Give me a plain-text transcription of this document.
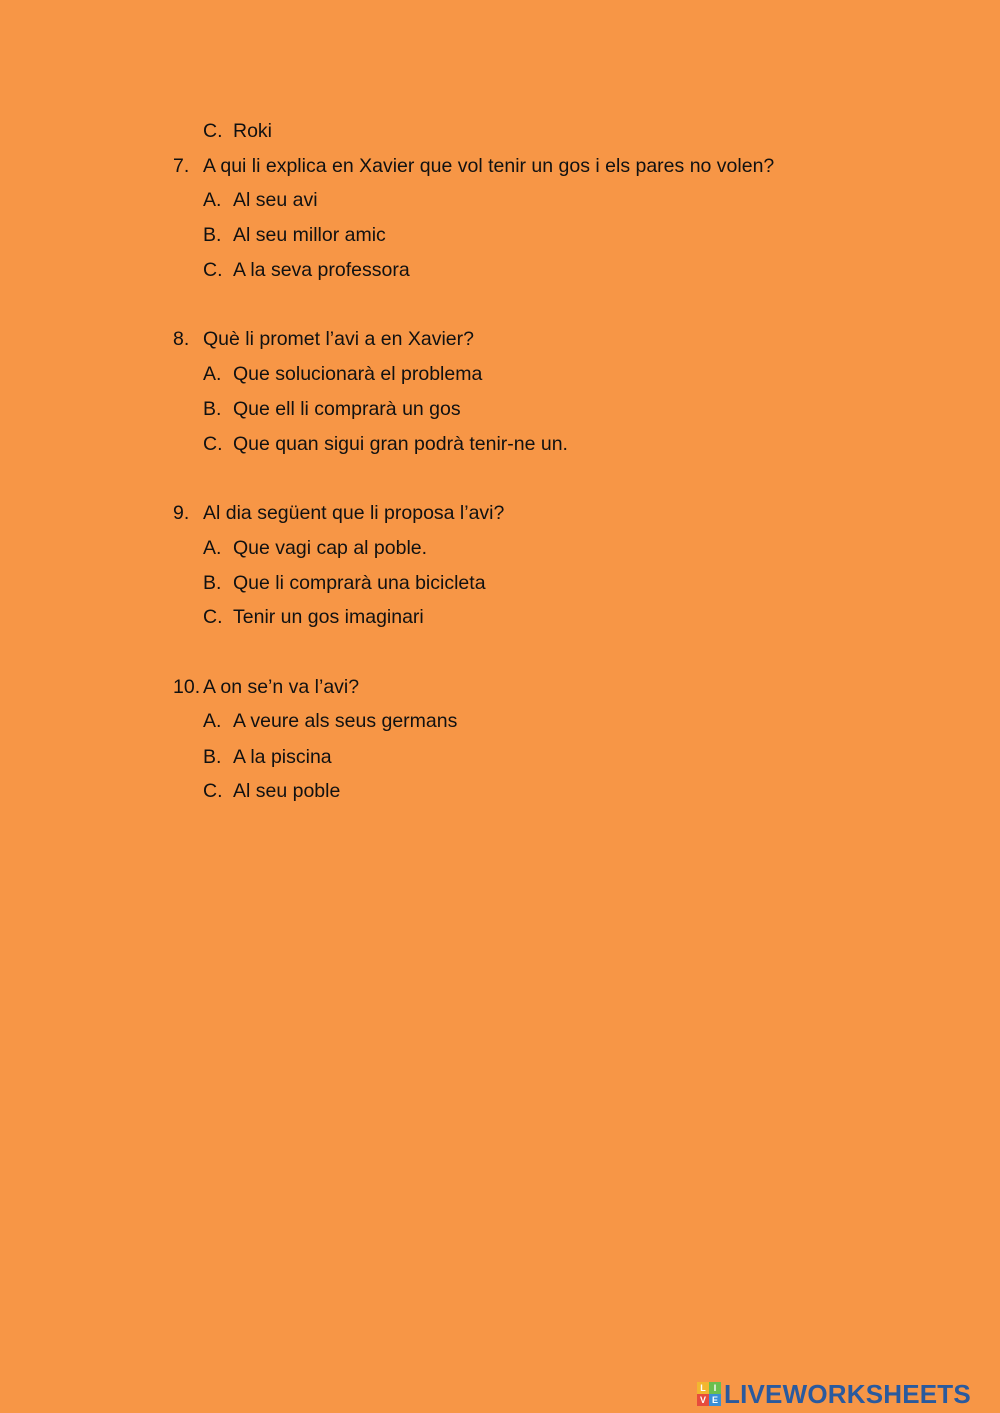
C. Roki
7. A qui li explica en Xavier que vol tenir un gos i els pares no volen?
A. Al seu avi
B. Al seu millor amic
C. A la seva professora
8. Què li promet l’avi a en Xavier?
A. Que solucionarà el problema
B. Que ell li comprarà un gos
C. Que quan sigui gran podrà tenir-ne un.
9. Al dia següent que li proposa l’avi?
A. Que vagi cap al poble.
B. Que li comprarà una bicicleta
C. Tenir un gos imaginari
10. A on se’n va l’avi?
A. A veure als seus germans
B. A la piscina
C. Al seu poble
L I
V E LIVEWORKSHEETS
